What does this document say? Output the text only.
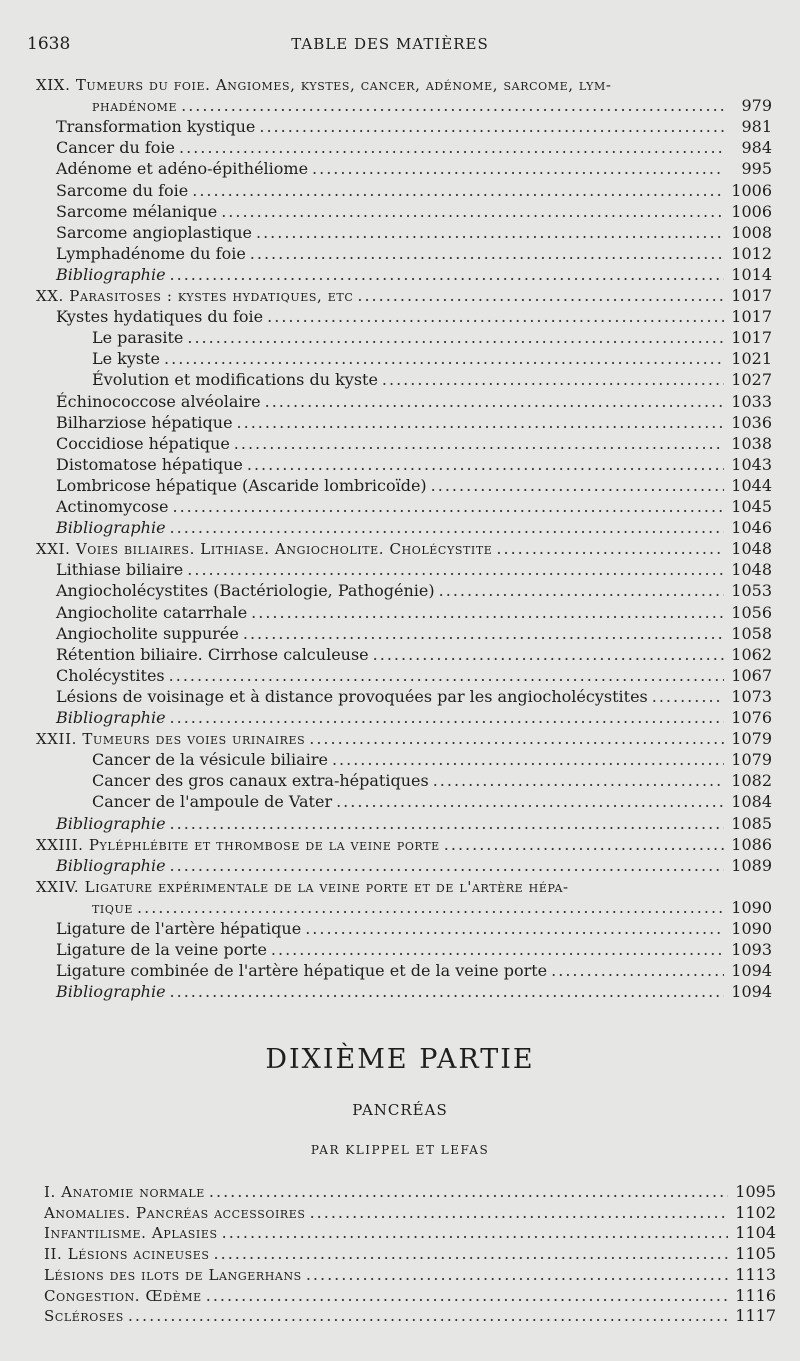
1638	TABLE DES MATIÈRES
XIX. Tumeurs du foie. Angiomes, kystes, cancer, adénome, sarcome, lym-
phadénome .....	979
Transformation kystique .....	981
Cancer du foie .....	984
Adénome et adéno-épithéliome .....	995
Sarcome du foie .....	1006
Sarcome mélanique .....	1006
Sarcome angioplastique .....	1008
Lymphadénome du foie .....	1012
Bibliographie .....	1014
XX. Parasitoses : kystes hydatiques, etc .....	1017
Kystes hydatiques du foie .....	1017
Le parasite .....	1017
Le kyste .....	1021
Évolution et modifications du kyste .....	1027
Échinococcose alvéolaire .....	1033
Bilharziose hépatique .....	1036
Coccidiose hépatique .....	1038
Distomatose hépatique .....	1043
Lombricose hépatique (Ascaride lombricoïde) .....	1044
Actinomycose .....	1045
Bibliographie .....	1046
XXI. Voies biliaires. Lithiase. Angiocholite. Cholécystite .....	1048
Lithiase biliaire .....	1048
Angiocholécystites (Bactériologie, Pathogénie) .....	1053
Angiocholite catarrhale .....	1056
Angiocholite suppurée .....	1058
Rétention biliaire. Cirrhose calculeuse .....	1062
Cholécystites .....	1067
Lésions de voisinage et à distance provoquées par les angiocholécystites .....	1073
Bibliographie .....	1076
XXII. Tumeurs des voies urinaires .....	1079
Cancer de la vésicule biliaire .....	1079
Cancer des gros canaux extra-hépatiques .....	1082
Cancer de l'ampoule de Vater .....	1084
Bibliographie .....	1085
XXIII. Pyléphlébite et thrombose de la veine porte .....	1086
Bibliographie .....	1089
XXIV. Ligature expérimentale de la veine porte et de l'artère hépa-
tique .....	1090
Ligature de l'artère hépatique .....	1090
Ligature de la veine porte .....	1093
Ligature combinée de l'artère hépatique et de la veine porte .....	1094
Bibliographie .....	1094
DIXIÈME PARTIE
PANCRÉAS
PAR KLIPPEL ET LEFAS
I. Anatomie normale .....	1095
Anomalies. Pancréas accessoires .....	1102
Infantilisme. Aplasies .....	1104
II. Lésions acineuses .....	1105
Lésions des ilots de Langerhans .....	1113
Congestion. Œdème .....	1116
Scléroses .....	1117
